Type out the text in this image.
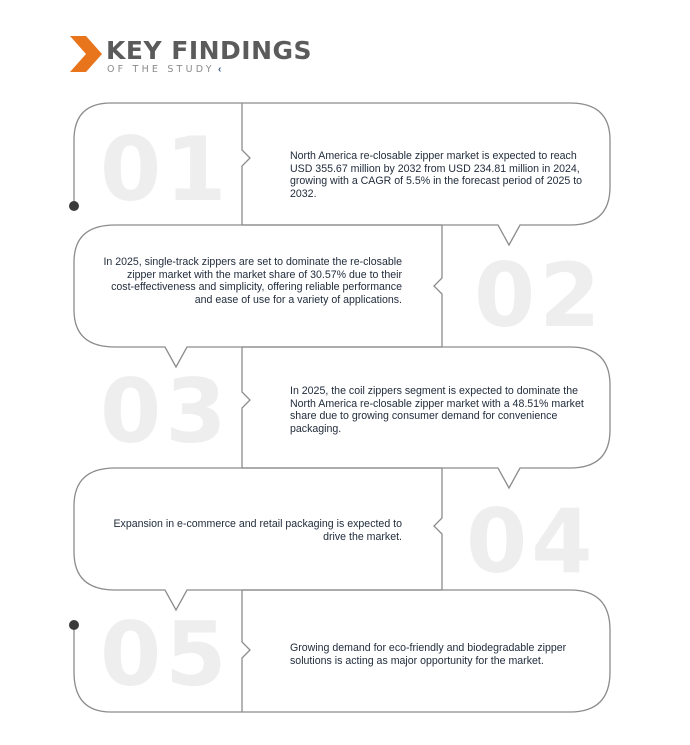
KEY FINDINGS
OF THE STUDY ‹
01	North America re-closable zipper market is expected to reach USD 355.67 million by 2032 from USD 234.81 million in 2024, growing with a CAGR of 5.5% in the forecast period of 2025 to 2032.
02
In 2025, single-track zippers are set to dominate the re-closable zipper market with the market share of 30.57% due to their cost-effectiveness and simplicity, offering reliable performance and ease of use for a variety of applications.
03	In 2025, the coil zippers segment is expected to dominate the North America re-closable zipper market with a 48.51% market share due to growing consumer demand for convenience packaging.
04
Expansion in e-commerce and retail packaging is expected to drive the market.
05	Growing demand for eco-friendly and biodegradable zipper solutions is acting as major opportunity for the market.
